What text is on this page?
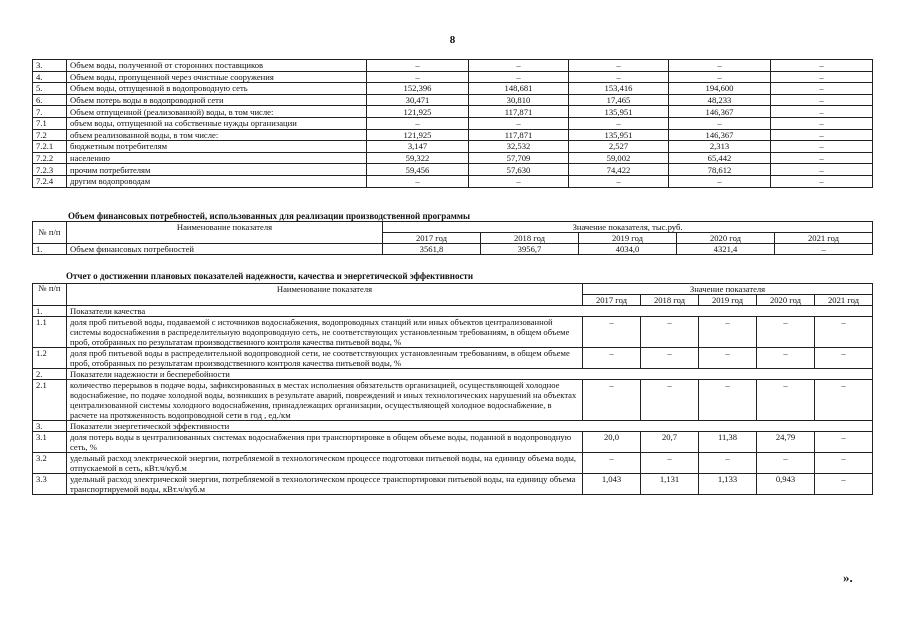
8
3.	Объем воды, полученной от сторонних поставщиков	–	–	–	–	–
4.	Объем воды, пропущенной через очистные сооружения	–	–	–	–	–
5.	Объем воды, отпущенной в водопроводную сеть	152,396	148,681	153,416	194,600	–
6.	Объем потерь воды в водопроводной сети	30,471	30,810	17,465	48,233	–
7.	Объем отпущенной (реализованной) воды, в том числе:	121,925	117,871	135,951	146,367	–
7.1	объем воды, отпущенной на собственные нужды организации	–	–	–	–	–
7.2	объем реализованной воды, в том числе:	121,925	117,871	135,951	146,367	–
7.2.1	бюджетным потребителям	3,147	32,532	2,527	2,313	–
7.2.2	населению	59,322	57,709	59,002	65,442	–
7.2.3	прочим потребителям	59,456	57,630	74,422	78,612	–
7.2.4	другим водопроводам	–	–	–	–	–
Объем финансовых потребностей, использованных для реализации производственной программы
№ п/п	Наименование показателя	Значение показателя, тыс.руб.				
		2017 год	2018 год	2019 год	2020 год	2021 год
1.	Объем финансовых потребностей	3561,8	3956,7	4034,0	4321,4	–
Отчет о достижении плановых показателей надежности, качества и энергетической эффективности
№ п/п	Наименование показателя	Значение показателя				
		2017 год	2018 год	2019 год	2020 год	2021 год
1.	Показатели качества					
1.1	доля проб питьевой воды, подаваемой с источников водоснабжения, водопроводных станций или иных объектов централизованной системы водоснабжения в распределительную водопроводную сеть, не соответствующих установленным требованиям, в общем объеме проб, отобранных по результатам производственного контроля качества питьевой воды, %	–	–	–	–	–
1.2	доля проб питьевой воды в распределительной водопроводной сети, не соответствующих установленным требованиям, в общем объеме проб, отобранных по результатам производственного контроля качества питьевой воды, %	–	–	–	–	–
2.	Показатели надежности и бесперебойности					
2.1	количество перерывов в подаче воды, зафиксированных в местах исполнения обязательств организацией, осуществляющей холодное водоснабжение, по подаче холодной воды, возникших в результате аварий, повреждений и иных технологических нарушений на объектах централизованной системы холодного водоснабжения, принадлежащих организации, осуществляющей холодное водоснабжение, в расчете на протяженность водопроводной сети в год , ед./км	–	–	–	–	–
3.	Показатели энергетической эффективности					
3.1	доля потерь воды в централизованных системах водоснабжения при транспортировке в общем объеме воды, поданной в водопроводную сеть, %	20,0	20,7	11,38	24,79	–
3.2	удельный расход электрической энергии, потребляемой в технологическом процессе подготовки питьевой воды, на единицу объема воды, отпускаемой в сеть, кВт.ч/куб.м	–	–	–	–	–
3.3	удельный расход электрической энергии, потребляемой в технологическом процессе транспортировки питьевой воды, на единицу объема транспортируемой воды, кВт.ч/куб.м	1,043	1,131	1,133	0,943	–
».
